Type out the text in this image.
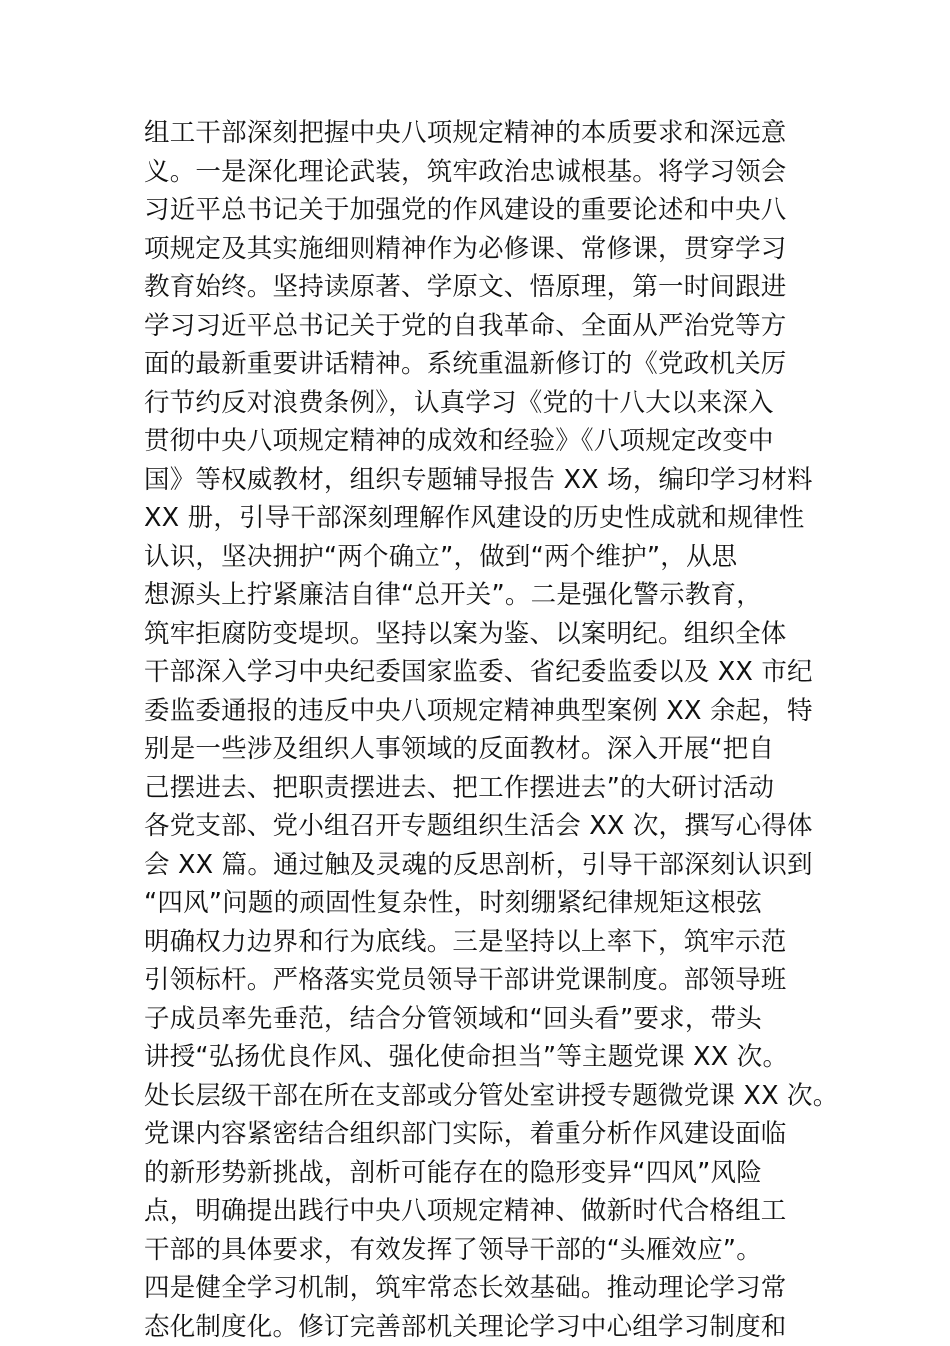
组工干部深刻把握中央八项规定精神的本质要求和深远意
义。一是深化理论武装，筑牢政治忠诚根基。将学习领会
习近平总书记关于加强党的作风建设的重要论述和中央八
项规定及其实施细则精神作为必修课、常修课，贯穿学习
教育始终。坚持读原著、学原文、悟原理，第一时间跟进
学习习近平总书记关于党的自我革命、全面从严治党等方
面的最新重要讲话精神。系统重温新修订的《党政机关厉
行节约反对浪费条例》，认真学习《党的十八大以来深入
贯彻中央八项规定精神的成效和经验》《八项规定改变中
国》等权威教材，组织专题辅导报告 XX 场，编印学习材料
XX 册，引导干部深刻理解作风建设的历史性成就和规律性
认识，坚决拥护“两个确立”，做到“两个维护”，从思
想源头上拧紧廉洁自律“总开关”。二是强化警示教育，
筑牢拒腐防变堤坝。坚持以案为鉴、以案明纪。组织全体
干部深入学习中央纪委国家监委、省纪委监委以及 XX 市纪
委监委通报的违反中央八项规定精神典型案例 XX 余起，特
别是一些涉及组织人事领域的反面教材。深入开展“把自
己摆进去、把职责摆进去、把工作摆进去”的大研讨活动
各党支部、党小组召开专题组织生活会 XX 次，撰写心得体
会 XX 篇。通过触及灵魂的反思剖析，引导干部深刻认识到
“四风”问题的顽固性复杂性，时刻绷紧纪律规矩这根弦
明确权力边界和行为底线。三是坚持以上率下，筑牢示范
引领标杆。严格落实党员领导干部讲党课制度。部领导班
子成员率先垂范，结合分管领域和“回头看”要求，带头
讲授“弘扬优良作风、强化使命担当”等主题党课 XX 次。
处长层级干部在所在支部或分管处室讲授专题微党课 XX 次。
党课内容紧密结合组织部门实际，着重分析作风建设面临
的新形势新挑战，剖析可能存在的隐形变异“四风”风险
点，明确提出践行中央八项规定精神、做新时代合格组工
干部的具体要求，有效发挥了领导干部的“头雁效应”。
四是健全学习机制，筑牢常态长效基础。推动理论学习常
态化制度化。修订完善部机关理论学习中心组学习制度和
